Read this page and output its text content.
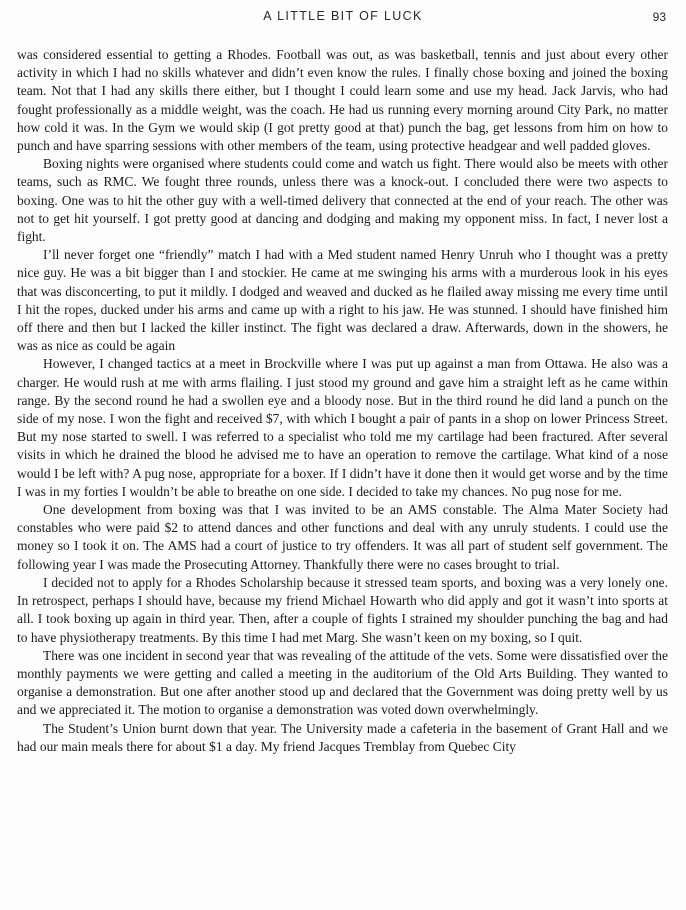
A LITTLE BIT OF LUCK	93

was considered essential to getting a Rhodes. Football was out, as was basketball, tennis and just about every other activity in which I had no skills whatever and didn’t even know the rules. I finally chose boxing and joined the boxing team. Not that I had any skills there either, but I thought I could learn some and use my head. Jack Jarvis, who had fought professionally as a middle weight, was the coach. He had us running every morning around City Park, no matter how cold it was. In the Gym we would skip (I got pretty good at that) punch the bag, get lessons from him on how to punch and have sparring sessions with other members of the team, using protective headgear and well padded gloves.

Boxing nights were organised where students could come and watch us fight. There would also be meets with other teams, such as RMC. We fought three rounds, unless there was a knock-out. I concluded there were two aspects to boxing. One was to hit the other guy with a well-timed delivery that connected at the end of your reach. The other was not to get hit yourself. I got pretty good at dancing and dodging and making my opponent miss. In fact, I never lost a fight.

I’ll never forget one “friendly” match I had with a Med student named Henry Unruh who I thought was a pretty nice guy. He was a bit bigger than I and stockier. He came at me swinging his arms with a murderous look in his eyes that was disconcerting, to put it mildly. I dodged and weaved and ducked as he flailed away missing me every time until I hit the ropes, ducked under his arms and came up with a right to his jaw. He was stunned. I should have finished him off there and then but I lacked the killer instinct. The fight was declared a draw. Afterwards, down in the showers, he was as nice as could be again

However, I changed tactics at a meet in Brockville where I was put up against a man from Ottawa. He also was a charger. He would rush at me with arms flailing. I just stood my ground and gave him a straight left as he came within range. By the second round he had a swollen eye and a bloody nose. But in the third round he did land a punch on the side of my nose. I won the fight and received $7, with which I bought a pair of pants in a shop on lower Princess Street. But my nose started to swell. I was referred to a specialist who told me my cartilage had been fractured. After several visits in which he drained the blood he advised me to have an operation to remove the cartilage. What kind of a nose would I be left with? A pug nose, appropriate for a boxer. If I didn’t have it done then it would get worse and by the time I was in my forties I wouldn’t be able to breathe on one side. I decided to take my chances. No pug nose for me.

One development from boxing was that I was invited to be an AMS constable. The Alma Mater Society had constables who were paid $2 to attend dances and other functions and deal with any unruly students. I could use the money so I took it on. The AMS had a court of justice to try offenders. It was all part of student self government. The following year I was made the Prosecuting Attorney. Thankfully there were no cases brought to trial.

I decided not to apply for a Rhodes Scholarship because it stressed team sports, and boxing was a very lonely one. In retrospect, perhaps I should have, because my friend Michael Howarth who did apply and got it wasn’t into sports at all. I took boxing up again in third year. Then, after a couple of fights I strained my shoulder punching the bag and had to have physiotherapy treatments. By this time I had met Marg. She wasn’t keen on my boxing, so I quit.

There was one incident in second year that was revealing of the attitude of the vets. Some were dissatisfied over the monthly payments we were getting and called a meeting in the auditorium of the Old Arts Building. They wanted to organise a demonstration. But one after another stood up and declared that the Government was doing pretty well by us and we appreciated it. The motion to organise a demonstration was voted down overwhelmingly.

The Student’s Union burnt down that year. The University made a cafeteria in the basement of Grant Hall and we had our main meals there for about $1 a day. My friend Jacques Tremblay from Quebec City
